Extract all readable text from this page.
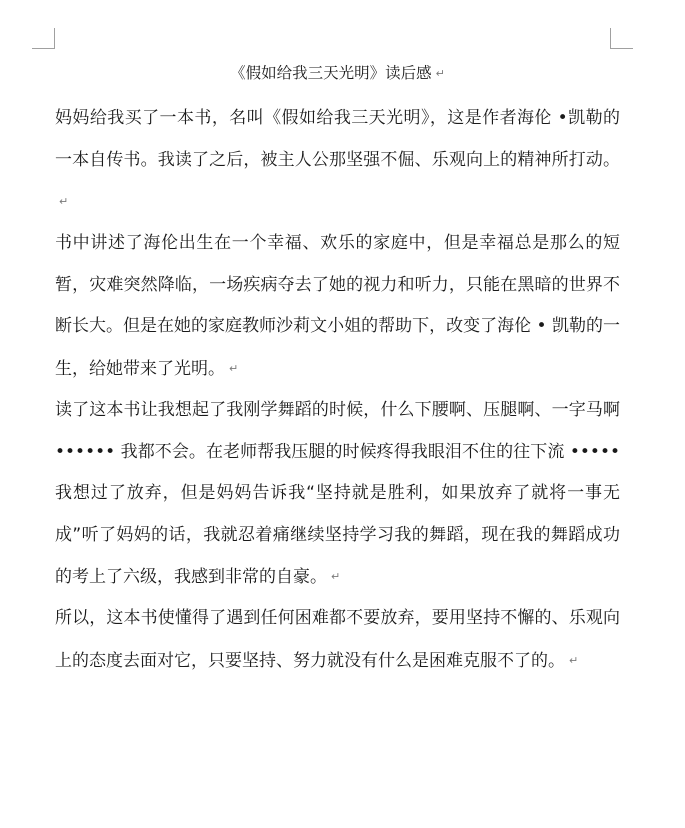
《假如给我三天光明》读后感 ↵

妈妈给我买了一本书，名叫《假如给我三天光明》，这是作者海伦 •凯勒的一本自传书。我读了之后，被主人公那坚强不倔、乐观向上的精神所打动。↵

书中讲述了海伦出生在一个幸福、欢乐的家庭中，但是幸福总是那么的短暂，灾难突然降临，一场疾病夺去了她的视力和听力，只能在黑暗的世界不断长大。但是在她的家庭教师沙莉文小姐的帮助下，改变了海伦 • 凯勒的一生，给她带来了光明。 ↵

读了这本书让我想起了我刚学舞蹈的时候，什么下腰啊、压腿啊、一字马啊 •••••• 我都不会。在老师帮我压腿的时候疼得我眼泪不住的往下流 ••••• 我想过了放弃，但是妈妈告诉我“坚持就是胜利，如果放弃了就将一事无成”听了妈妈的话，我就忍着痛继续坚持学习我的舞蹈，现在我的舞蹈成功的考上了六级，我感到非常的自豪。 ↵

所以，这本书使懂得了遇到任何困难都不要放弃，要用坚持不懈的、乐观向上的态度去面对它，只要坚持、努力就没有什么是困难克服不了的。 ↵
